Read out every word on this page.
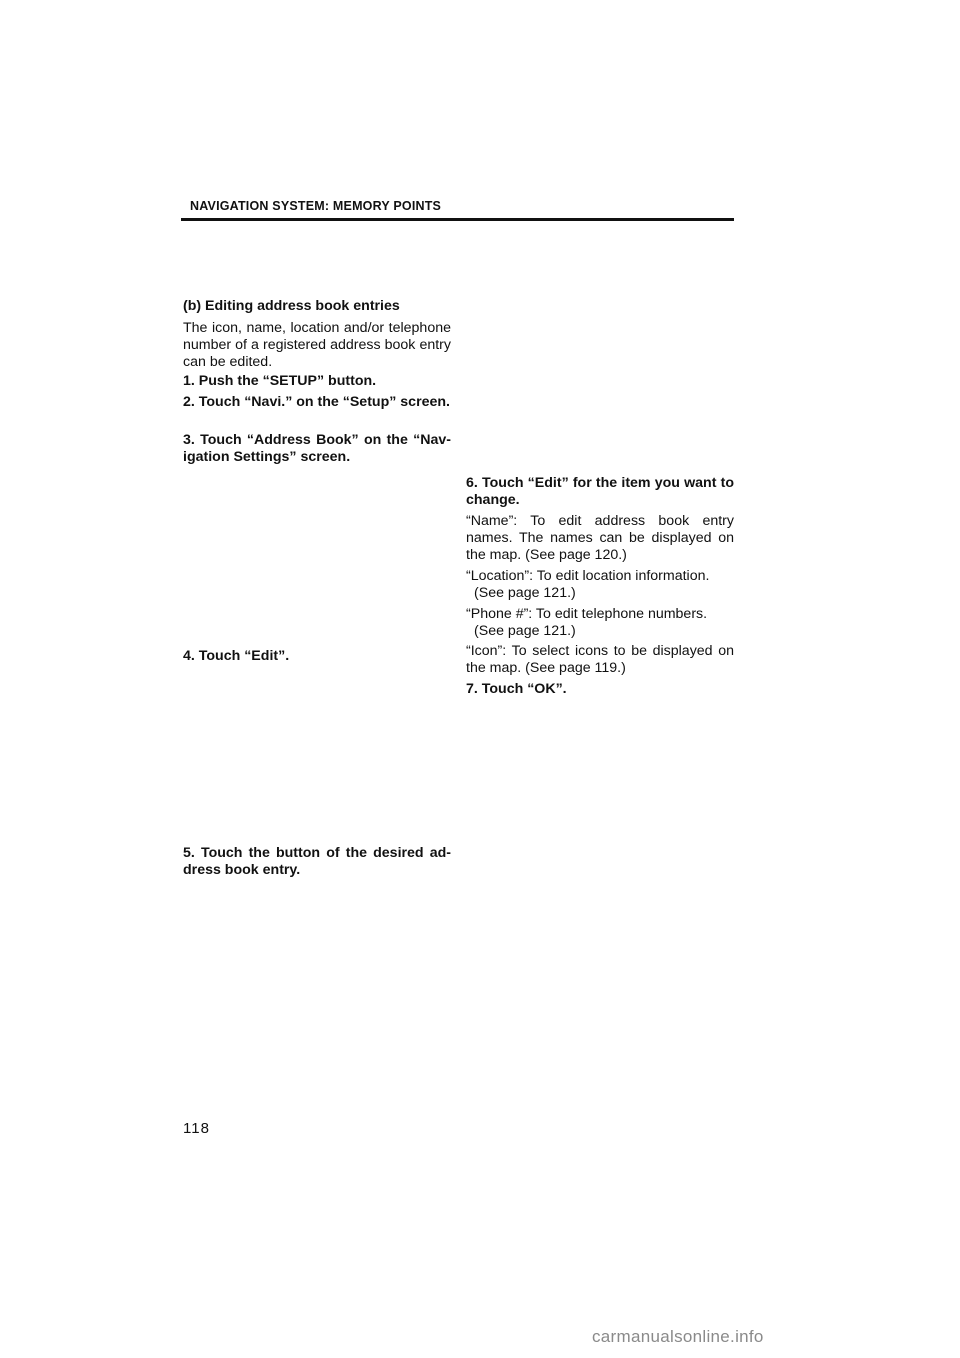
NAVIGATION SYSTEM: MEMORY POINTS

(b) Editing address book entries

The icon, name, location and/or telephone number of a registered address book entry can be edited.

1. Push the “SETUP” button.

2. Touch “Navi.” on the “Setup” screen.

3. Touch “Address Book” on the “Nav-igation Settings” screen.

4. Touch “Edit”.

5. Touch the button of the desired ad-dress book entry.

6. Touch “Edit” for the item you want to change.

“Name”: To edit address book entry names. The names can be displayed on the map. (See page 120.)

“Location”: To edit location information.

(See page 121.)

“Phone #”: To edit telephone numbers.

(See page 121.)

“Icon”: To select icons to be displayed on the map. (See page 119.)

7. Touch “OK”.

118
carmanualsonline.info
